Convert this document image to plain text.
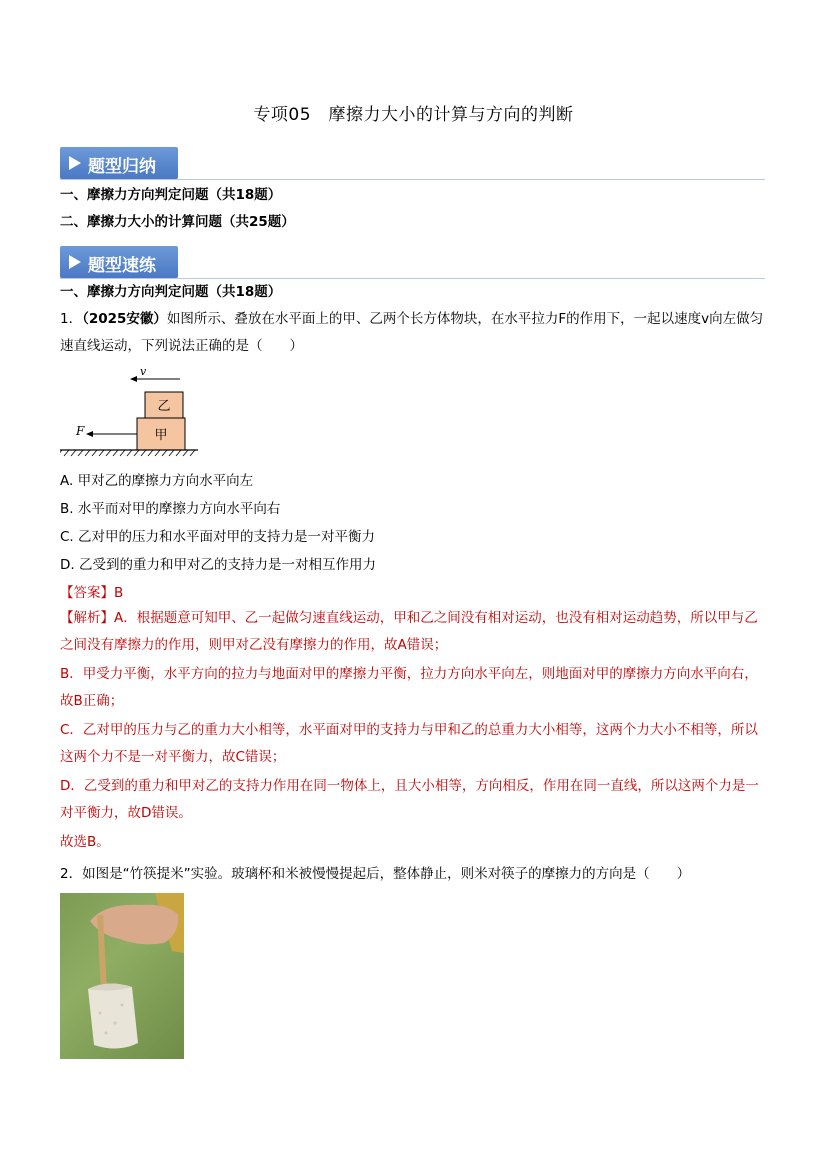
专项05　摩擦力大小的计算与方向的判断
题型归纳
一、摩擦力方向判定问题（共18题）
二、摩擦力大小的计算问题（共25题）
题型速练
一、摩擦力方向判定问题（共18题）
1．（2025安徽）如图所示、叠放在水平面上的甲、乙两个长方体物块，在水平拉力F的作用下，一起以速度v向左做匀速直线运动，下列说法正确的是（　　）
v
乙
甲
F
A. 甲对乙的摩擦力方向水平向左
B. 水平而对甲的摩擦力方向水平向右
C. 乙对甲的压力和水平面对甲的支持力是一对平衡力
D. 乙受到的重力和甲对乙的支持力是一对相互作用力
【答案】B
【解析】A．根据题意可知甲、乙一起做匀速直线运动，甲和乙之间没有相对运动，也没有相对运动趋势，所以甲与乙之间没有摩擦力的作用，则甲对乙没有摩擦力的作用，故A错误；
B．甲受力平衡，水平方向的拉力与地面对甲的摩擦力平衡，拉力方向水平向左，则地面对甲的摩擦力方向水平向右，故B正确；
C．乙对甲的压力与乙的重力大小相等，水平面对甲的支持力与甲和乙的总重力大小相等，这两个力大小不相等，所以这两个力不是一对平衡力，故C错误；
D．乙受到的重力和甲对乙的支持力作用在同一物体上，且大小相等，方向相反，作用在同一直线，所以这两个力是一对平衡力，故D错误。
故选B。
2．如图是“竹筷提米”实验。玻璃杯和米被慢慢提起后，整体静止，则米对筷子的摩擦力的方向是（　　）
